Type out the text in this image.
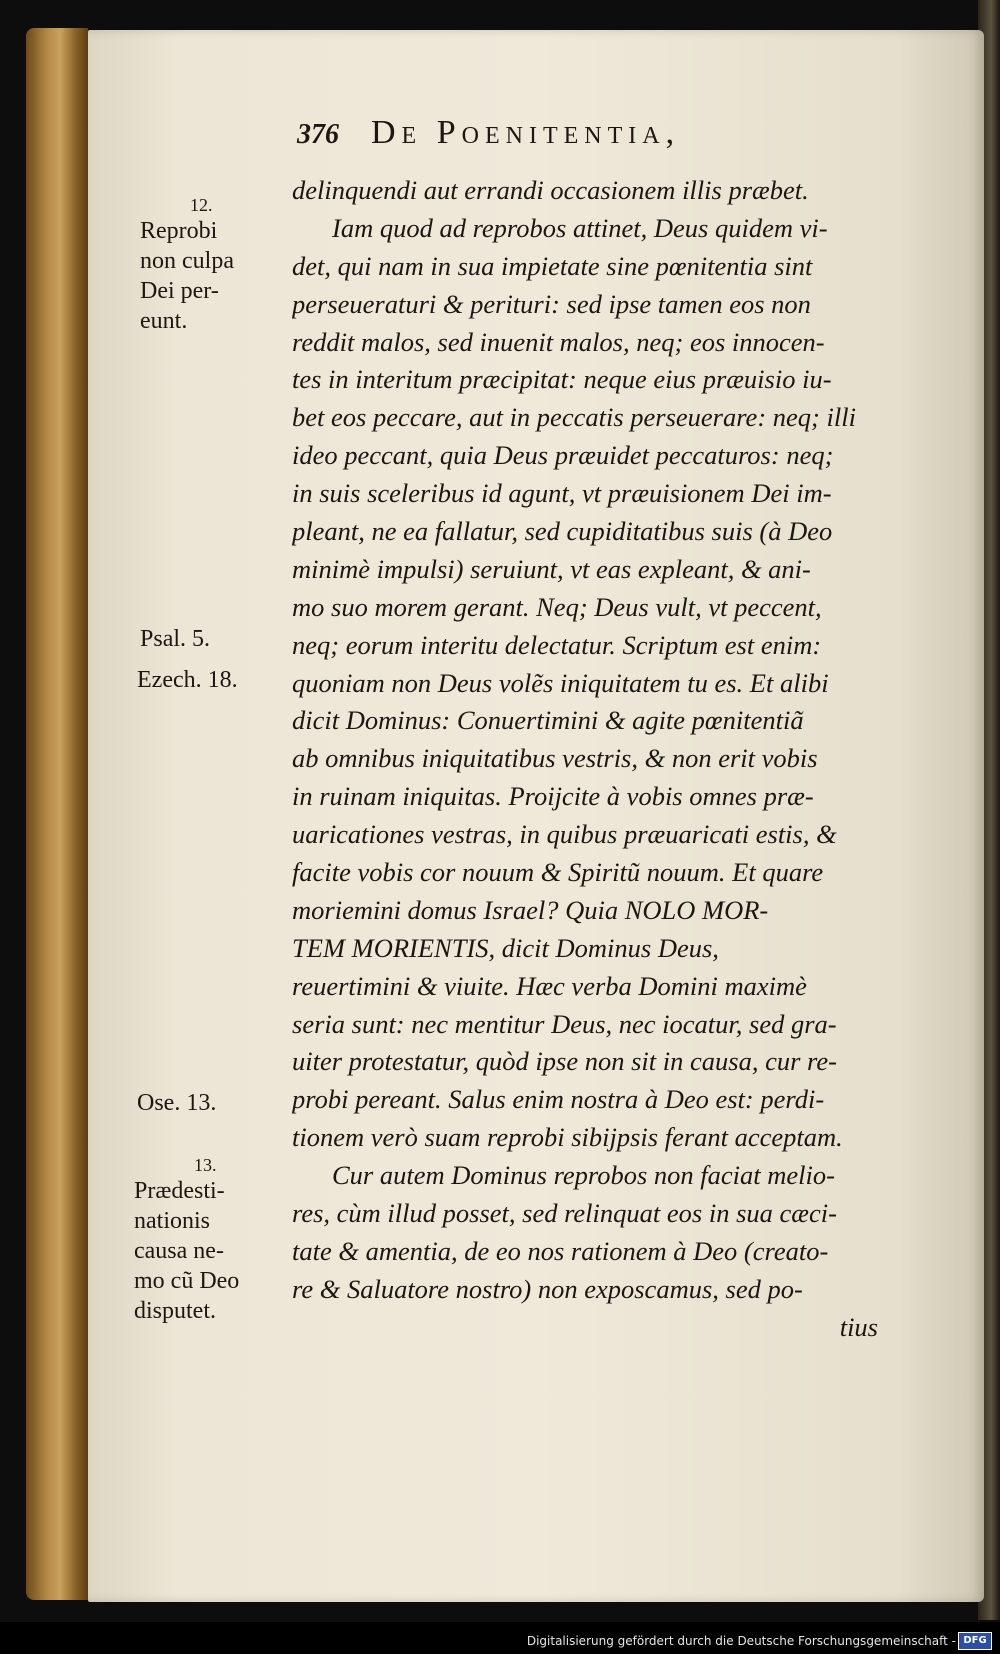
376 De Poenitentia,
12.
Reprobi
non culpa
Dei per-
eunt.
Psal. 5.
Ezech. 18.
Ose. 13.
13.
Prædesti-
nationis
causa ne-
mo cũ Deo
disputet.
delinquendi aut errandi occasionem illis præbet.
Iam quod ad reprobos attinet, Deus quidem vi-
det, qui nam in sua impietate sine pœnitentia sint
perseueraturi & perituri: sed ipse tamen eos non
reddit malos, sed inuenit malos, neq; eos innocen-
tes in interitum præcipitat: neque eius præuisio iu-
bet eos peccare, aut in peccatis perseuerare: neq; illi
ideo peccant, quia Deus præuidet peccaturos: neq;
in suis sceleribus id agunt, vt præuisionem Dei im-
pleant, ne ea fallatur, sed cupiditatibus suis (à Deo
minimè impulsi) seruiunt, vt eas expleant, & ani-
mo suo morem gerant. Neq; Deus vult, vt peccent,
neq; eorum interitu delectatur. Scriptum est enim:
quoniam non Deus volẽs iniquitatem tu es. Et alibi
dicit Dominus: Conuertimini & agite pœnitentiã
ab omnibus iniquitatibus vestris, & non erit vobis
in ruinam iniquitas. Proijcite à vobis omnes præ-
uaricationes vestras, in quibus præuaricati estis, &
facite vobis cor nouum & Spiritũ nouum. Et quare
moriemini domus Israel? Quia NOLO MOR-
TEM MORIENTIS, dicit Dominus Deus,
reuertimini & viuite. Hæc verba Domini maximè
seria sunt: nec mentitur Deus, nec iocatur, sed gra-
uiter protestatur, quòd ipse non sit in causa, cur re-
probi pereant. Salus enim nostra à Deo est: perdi-
tionem verò suam reprobi sibijpsis ferant acceptam.
Cur autem Dominus reprobos non faciat melio-
res, cùm illud posset, sed relinquat eos in sua cæci-
tate & amentia, de eo nos rationem à Deo (creato-
re & Saluatore nostro) non exposcamus, sed po-
tius
Digitalisierung gefördert durch die Deutsche Forschungsgemeinschaft - DFG
